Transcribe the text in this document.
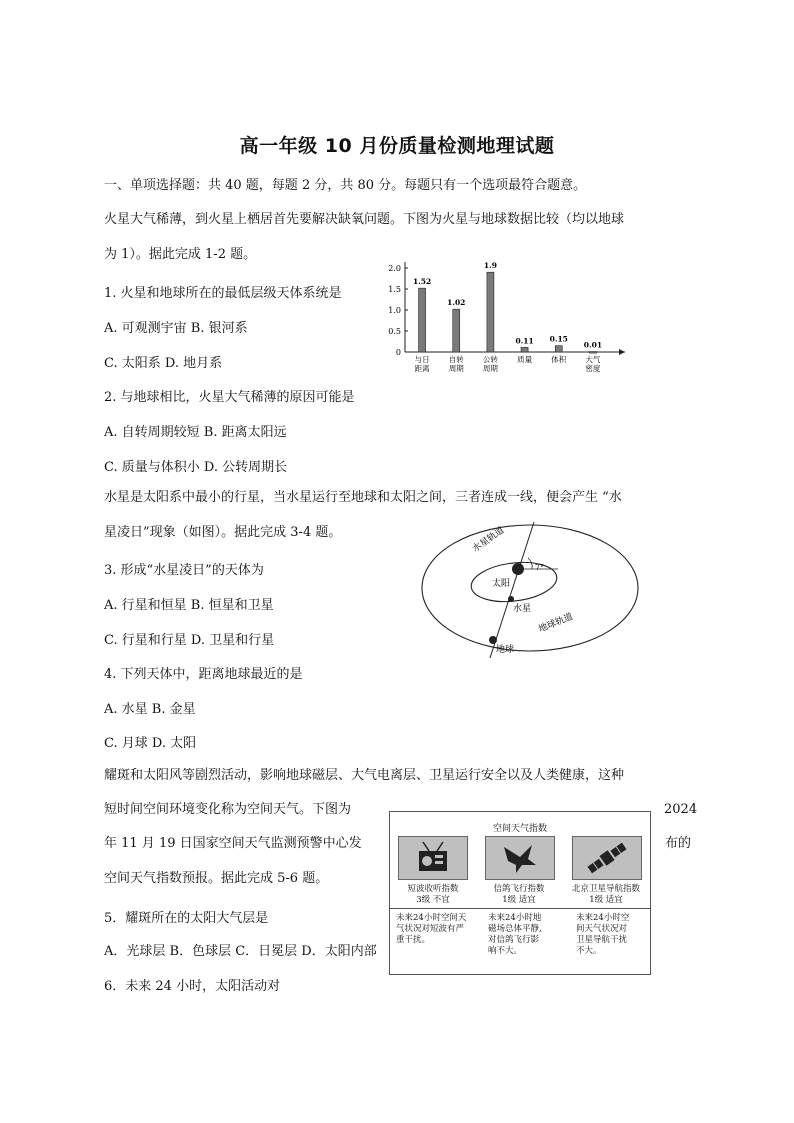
高一年级 10 月份质量检测地理试题
一、单项选择题：共 40 题，每题 2 分，共 80 分。每题只有一个选项最符合题意。
火星大气稀薄，到火星上栖居首先要解决缺氧问题。下图为火星与地球数据比较（均以地球
为 1）。据此完成 1-2 题。
1. 火星和地球所在的最低层级天体系统是
A. 可观测宇宙 B. 银河系
C. 太阳系 D. 地月系
2. 与地球相比，火星大气稀薄的原因可能是
A. 自转周期较短 B. 距离太阳远
C. 质量与体积小 D. 公转周期长
0
0.5
1.0
1.5
2.0
1.52
与日
距离
1.02
自转
周期
1.9
公转
周期
0.11
质量
0.15
体积
0.01
大气
密度
水星是太阳系中最小的行星，当水星运行至地球和太阳之间，三者连成一线，便会产生 “水
星凌日”现象（如图）。据此完成 3-4 题。
3. 形成“水星凌日”的天体为
A. 行星和恒星 B. 恒星和卫星
C. 行星和行星 D. 卫星和行星
4. 下列天体中，距离地球最近的是
A. 水星 B. 金星
C. 月球 D. 太阳
水星轨道
地球轨道
太阳
水星
地球
7°
耀斑和太阳风等剧烈活动，影响地球磁层、大气电离层、卫星运行安全以及人类健康，这种
短时间空间环境变化称为空间天气。下图为	2024
年 11 月 19 日国家空间天气监测预警中心发	布的
空间天气指数预报。据此完成 5-6 题。
5．耀斑所在的太阳大气层是
A．光球层 B．色球层 C．日冕层 D．太阳内部
6．未来 24 小时，太阳活动对
空间天气指数
短波收听指数
3级 不宜
信鸽飞行指数
1级 适宜
北京卫星导航指数
1级 适宜
未来24小时空间天
气状况对短波有严
重干扰。
未来24小时地
磁场总体平静,
对信鸽飞行影
响不大。
未来24小时空
间天气状况对
卫星导航干扰
不大。
